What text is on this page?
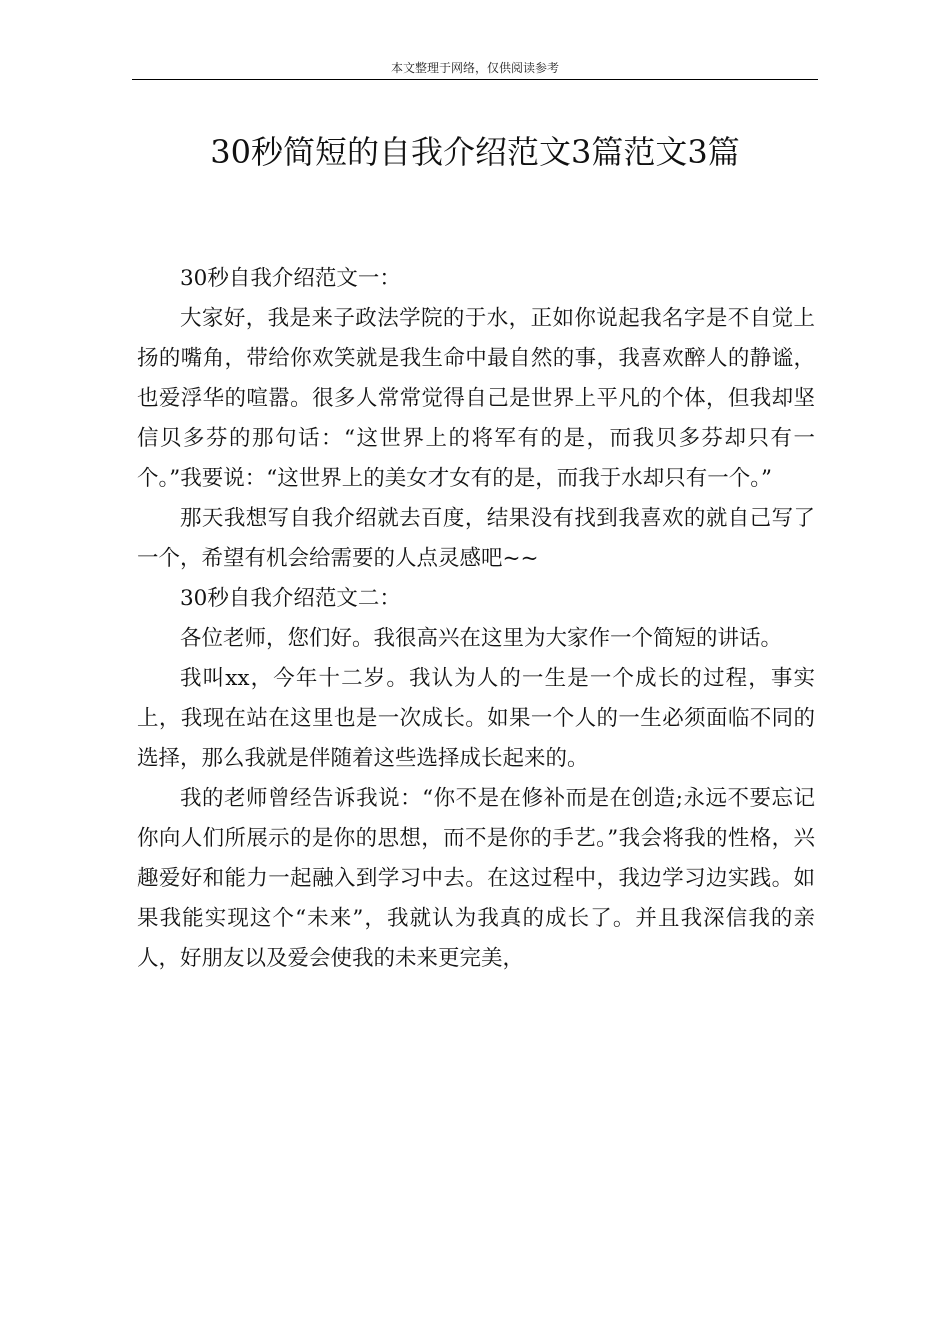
本文整理于网络，仅供阅读参考
30秒简短的自我介绍范文3篇范文3篇

30秒自我介绍范文一：

大家好，我是来子政法学院的于水，正如你说起我名字是不自觉上扬的嘴角，带给你欢笑就是我生命中最自然的事，我喜欢醉人的静谧，也爱浮华的喧嚣。很多人常常觉得自己是世界上平凡的个体，但我却坚信贝多芬的那句话：“这世界上的将军有的是，而我贝多芬却只有一个。”我要说：“这世界上的美女才女有的是，而我于水却只有一个。”

那天我想写自我介绍就去百度，结果没有找到我喜欢的就自己写了一个，希望有机会给需要的人点灵感吧~~

30秒自我介绍范文二：

各位老师，您们好。我很高兴在这里为大家作一个简短的讲话。

我叫xx，今年十二岁。我认为人的一生是一个成长的过程，事实上，我现在站在这里也是一次成长。如果一个人的一生必须面临不同的选择，那么我就是伴随着这些选择成长起来的。

我的老师曾经告诉我说：“你不是在修补而是在创造;永远不要忘记你向人们所展示的是你的思想，而不是你的手艺。”我会将我的性格，兴趣爱好和能力一起融入到学习中去。在这过程中，我边学习边实践。如果我能实现这个“未来”，我就认为我真的成长了。并且我深信我的亲人，好朋友以及爱会使我的未来更完美，
